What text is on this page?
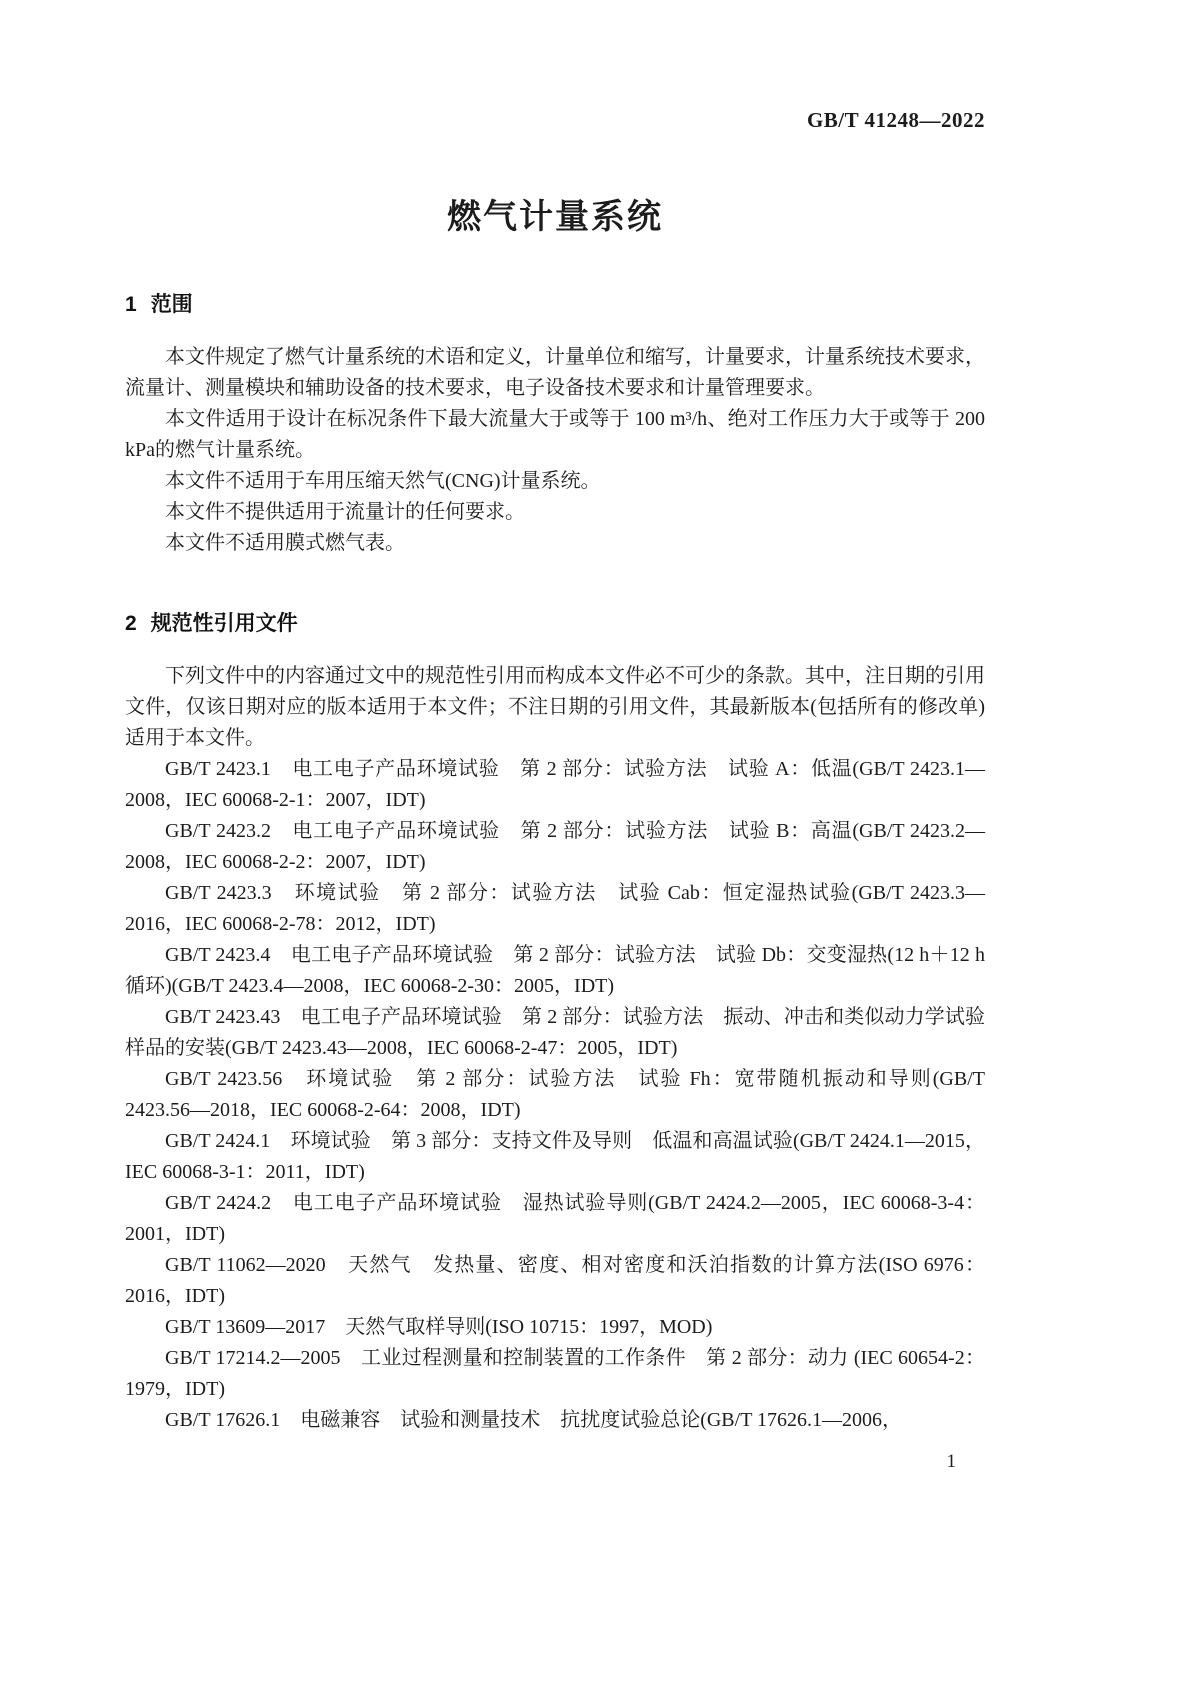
GB/T 41248—2022
燃气计量系统
1 范围

本文件规定了燃气计量系统的术语和定义，计量单位和缩写，计量要求，计量系统技术要求，流量计、测量模块和辅助设备的技术要求，电子设备技术要求和计量管理要求。

本文件适用于设计在标况条件下最大流量大于或等于 100 m³/h、绝对工作压力大于或等于 200 kPa的燃气计量系统。

本文件不适用于车用压缩天然气(CNG)计量系统。

本文件不提供适用于流量计的任何要求。

本文件不适用膜式燃气表。

2 规范性引用文件

下列文件中的内容通过文中的规范性引用而构成本文件必不可少的条款。其中，注日期的引用文件，仅该日期对应的版本适用于本文件；不注日期的引用文件，其最新版本(包括所有的修改单)适用于本文件。

GB/T 2423.1　电工电子产品环境试验　第 2 部分：试验方法　试验 A：低温(GB/T 2423.1—2008，IEC 60068-2-1：2007，IDT)

GB/T 2423.2　电工电子产品环境试验　第 2 部分：试验方法　试验 B：高温(GB/T 2423.2—2008，IEC 60068-2-2：2007，IDT)

GB/T 2423.3　环境试验　第 2 部分：试验方法　试验 Cab：恒定湿热试验(GB/T 2423.3—2016，IEC 60068-2-78：2012，IDT)

GB/T 2423.4　电工电子产品环境试验　第 2 部分：试验方法　试验 Db：交变湿热(12 h＋12 h 循环)(GB/T 2423.4—2008，IEC 60068-2-30：2005，IDT)

GB/T 2423.43　电工电子产品环境试验　第 2 部分：试验方法　振动、冲击和类似动力学试验样品的安装(GB/T 2423.43—2008，IEC 60068-2-47：2005，IDT)

GB/T 2423.56　环境试验　第 2 部分：试验方法　试验 Fh：宽带随机振动和导则(GB/T 2423.56—2018，IEC 60068-2-64：2008，IDT)

GB/T 2424.1　环境试验　第 3 部分：支持文件及导则　低温和高温试验(GB/T 2424.1—2015，IEC 60068-3-1：2011，IDT)

GB/T 2424.2　电工电子产品环境试验　湿热试验导则(GB/T 2424.2—2005，IEC 60068-3-4：2001，IDT)

GB/T 11062—2020　天然气　发热量、密度、相对密度和沃泊指数的计算方法(ISO 6976：2016，IDT)

GB/T 13609—2017　天然气取样导则(ISO 10715：1997，MOD)

GB/T 17214.2—2005　工业过程测量和控制装置的工作条件　第 2 部分：动力 (IEC 60654-2：1979，IDT)

GB/T 17626.1　电磁兼容　试验和测量技术　抗扰度试验总论(GB/T 17626.1—2006，

1
